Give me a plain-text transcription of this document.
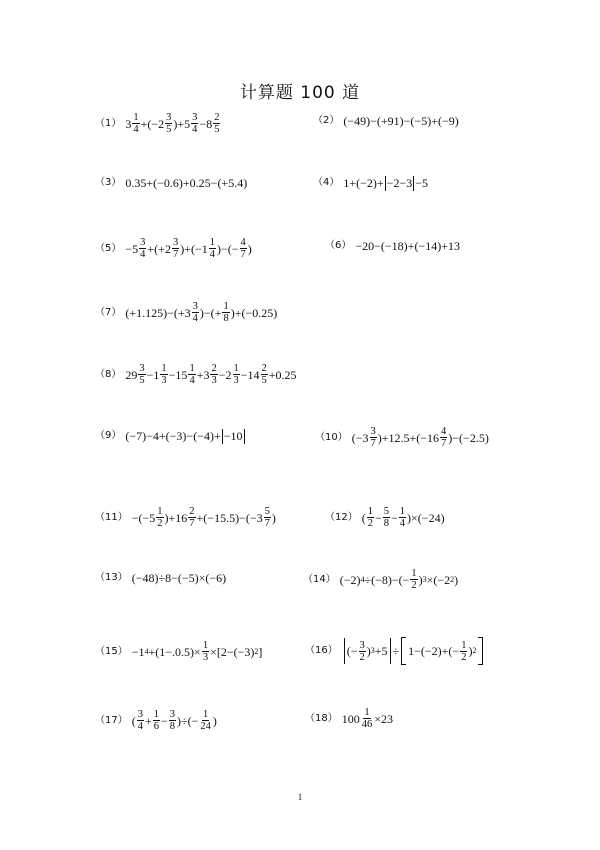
计算题 100 道
（1） $3 \frac{1}{4} +(-2 \frac{3}{5} )+5 \frac{3}{4} -8 \frac{2}{5}$	（2） (−49)−(+91)−(−5)+(−9)
（3） 0.35+(−0.6)+0.25−(+5.4)	（4） 1+(−2)+ −2−3 −5
$(5) -5 \frac{3}{4} +(+2 \frac{3}{7} )+(-1 \frac{1}{4}$ )−(− $\frac{4}{7}$ )	（6） −20−(−18)+(−14)+13
（7） $(+1.125)-(+3 \frac{3}{4}$ )−(+ $\frac{1}{8} )+(-0.25)$
（8） $29 \frac{3}{5} -1 \frac{1}{3} -15 \frac{1}{4} +3 \frac{2}{3} -2 \frac{1}{3} -14 \frac{2}{5} +0.25$
（9） (−7)−4+(−3)−(−4)+ −10	（10） $(-3 \frac{3}{7} )+12.5+(-16 \frac{4}{7} )-(-2.5)$
$(11) -(-5 \frac{1}{2} )+16 \frac{2}{7} +(-15.5)-(-3 \frac{5}{7}$ )	（12） ( $\frac{1}{2} - \frac{5}{8} - \frac{1}{4} )\times(-24)$
（13） (−48)÷8−(−5)×(−6)	（14） (−2) $4 \div(-8)-(- \frac{1}{2}$ ) 3 ×(−2 2 )
（15） −1 $4 +(1-.0.5)\times \frac{1}{3} \times[2-(-3)$ 2 ]	（16） (− $\frac{3}{2}$ ) $3 +5 \div 1-(-2)+(- \frac{1}{2}$ ) 2
（17） ( $\frac{3}{4} + \frac{1}{6} - \frac{3}{8}$ )÷(− $\frac{1}{24}$ )	（18） $100 \frac{1}{46} \times 23$
1
